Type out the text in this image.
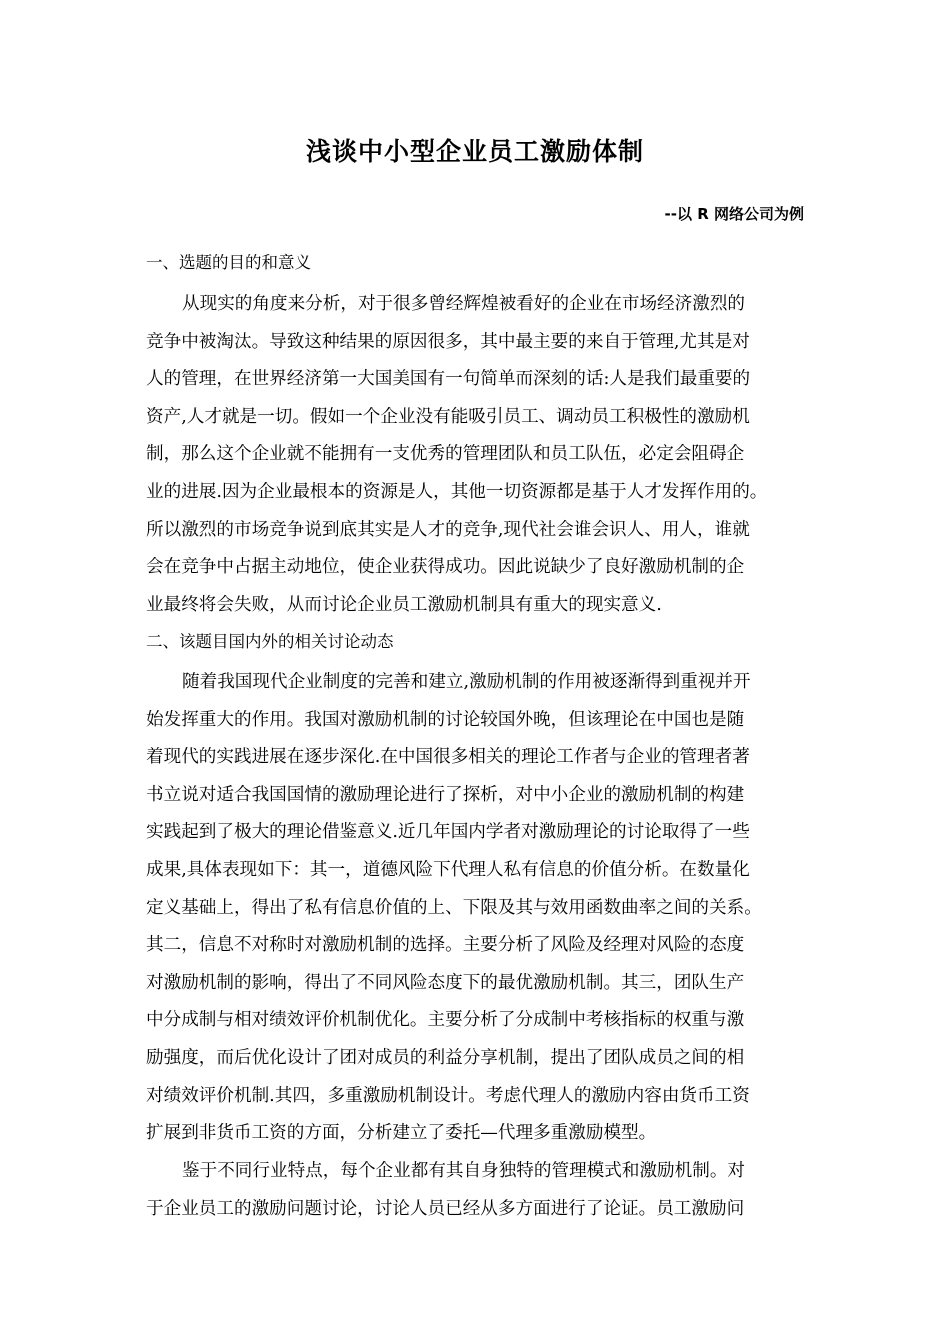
浅谈中小型企业员工激励体制
--以 R 网络公司为例
一、选题的目的和意义
从现实的角度来分析，对于很多曾经辉煌被看好的企业在市场经济激烈的
竞争中被淘汰。导致这种结果的原因很多，其中最主要的来自于管理,尤其是对
人的管理，在世界经济第一大国美国有一句简单而深刻的话:人是我们最重要的
资产,人才就是一切。假如一个企业没有能吸引员工、调动员工积极性的激励机
制，那么这个企业就不能拥有一支优秀的管理团队和员工队伍，必定会阻碍企
业的进展.因为企业最根本的资源是人，其他一切资源都是基于人才发挥作用的。
所以激烈的市场竞争说到底其实是人才的竞争,现代社会谁会识人、用人，谁就
会在竞争中占据主动地位，使企业获得成功。因此说缺少了良好激励机制的企
业最终将会失败，从而讨论企业员工激励机制具有重大的现实意义.
二、该题目国内外的相关讨论动态
随着我国现代企业制度的完善和建立,激励机制的作用被逐渐得到重视并开
始发挥重大的作用。我国对激励机制的讨论较国外晚，但该理论在中国也是随
着现代的实践进展在逐步深化.在中国很多相关的理论工作者与企业的管理者著
书立说对适合我国国情的激励理论进行了探析，对中小企业的激励机制的构建
实践起到了极大的理论借鉴意义.近几年国内学者对激励理论的讨论取得了一些
成果,具体表现如下：其一，道德风险下代理人私有信息的价值分析。在数量化
定义基础上，得出了私有信息价值的上、下限及其与效用函数曲率之间的关系。
其二，信息不对称时对激励机制的选择。主要分析了风险及经理对风险的态度
对激励机制的影响，得出了不同风险态度下的最优激励机制。其三，团队生产
中分成制与相对绩效评价机制优化。主要分析了分成制中考核指标的权重与激
励强度，而后优化设计了团对成员的利益分享机制，提出了团队成员之间的相
对绩效评价机制.其四，多重激励机制设计。考虑代理人的激励内容由货币工资
扩展到非货币工资的方面，分析建立了委托—代理多重激励模型。
鉴于不同行业特点，每个企业都有其自身独特的管理模式和激励机制。对
于企业员工的激励问题讨论，讨论人员已经从多方面进行了论证。员工激励问
